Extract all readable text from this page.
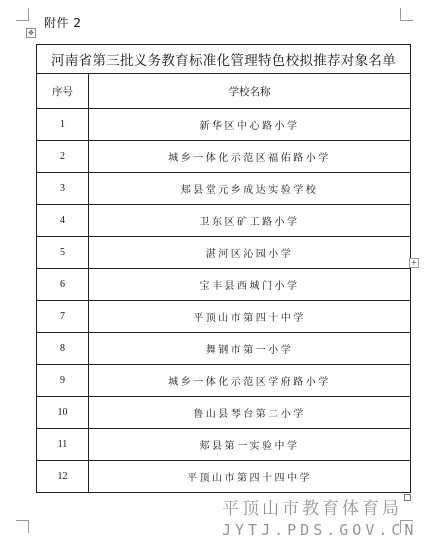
附件 2
✥
河南省第三批义务教育标准化管理特色校拟推荐对象名单	
序号	学校名称
1	新华区中心路小学
2	城乡一体化示范区福佑路小学
3	郏县堂元乡成达实验学校
4	卫东区矿工路小学
5	湛河区沁园小学
6	宝丰县西城门小学
7	平顶山市第四十中学
8	舞钢市第一小学
9	城乡一体化示范区学府路小学
10	鲁山县琴台第二小学
11	郏县第一实验中学
12	平顶山市第四十四中学
+
平顶山市教育体育局
JYTJ.PDS.GOV.CN
